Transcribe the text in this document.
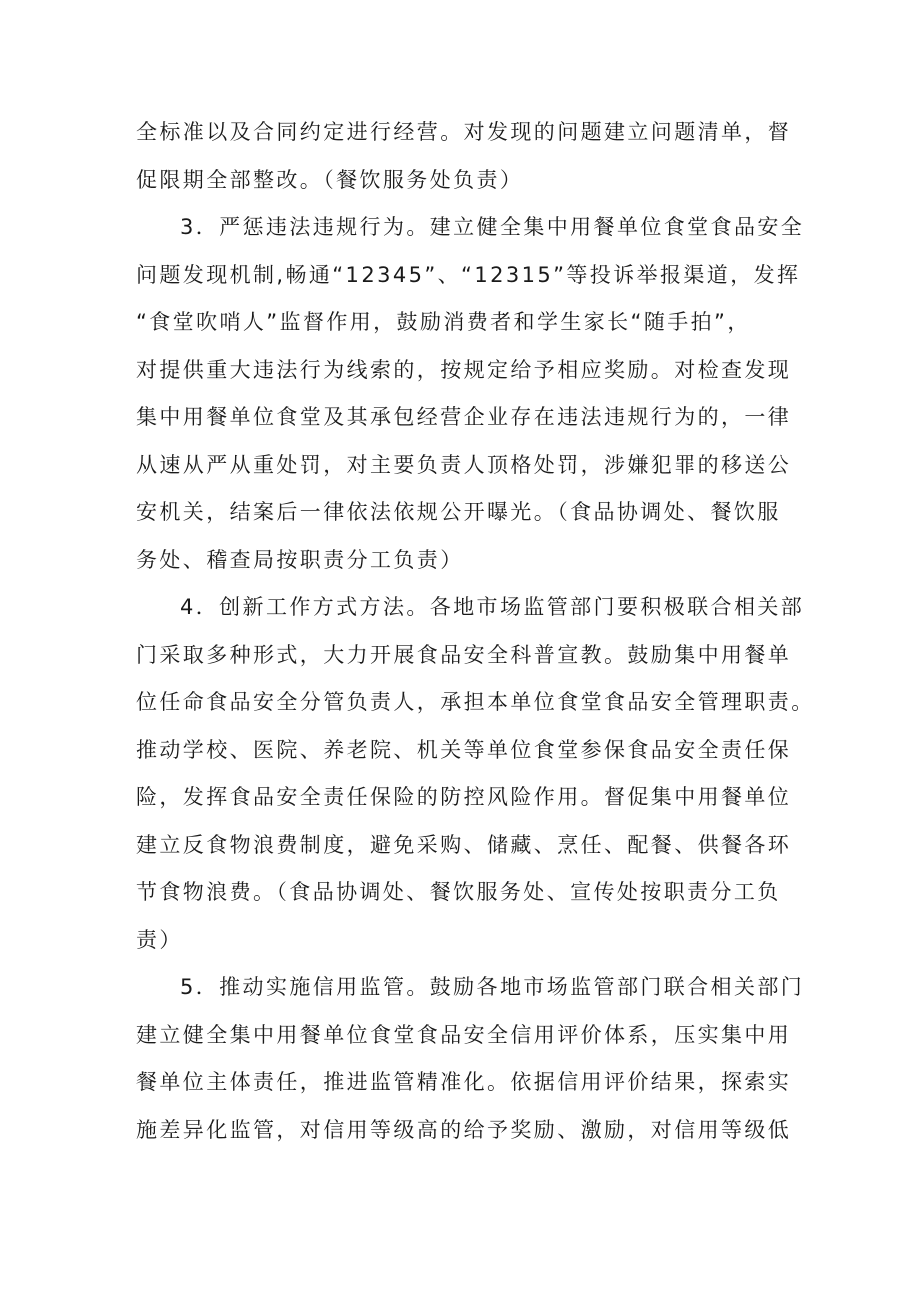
全标准以及合同约定进行经营。对发现的问题建立问题清单，督
促限期全部整改。（餐饮服务处负责）
3．严惩违法违规行为。建立健全集中用餐单位食堂食品安全
问题发现机制,畅通“12345”、“12315”等投诉举报渠道，发挥
“食堂吹哨人”监督作用，鼓励消费者和学生家长“随手拍”，
对提供重大违法行为线索的，按规定给予相应奖励。对检查发现
集中用餐单位食堂及其承包经营企业存在违法违规行为的，一律
从速从严从重处罚，对主要负责人顶格处罚，涉嫌犯罪的移送公
安机关，结案后一律依法依规公开曝光。（食品协调处、餐饮服
务处、稽查局按职责分工负责）
4．创新工作方式方法。各地市场监管部门要积极联合相关部
门采取多种形式，大力开展食品安全科普宣教。鼓励集中用餐单
位任命食品安全分管负责人，承担本单位食堂食品安全管理职责。
推动学校、医院、养老院、机关等单位食堂参保食品安全责任保
险，发挥食品安全责任保险的防控风险作用。督促集中用餐单位
建立反食物浪费制度，避免采购、储藏、烹任、配餐、供餐各环
节食物浪费。（食品协调处、餐饮服务处、宣传处按职责分工负
责）
5．推动实施信用监管。鼓励各地市场监管部门联合相关部门
建立健全集中用餐单位食堂食品安全信用评价体系，压实集中用
餐单位主体责任，推进监管精准化。依据信用评价结果，探索实
施差异化监管，对信用等级高的给予奖励、激励，对信用等级低
